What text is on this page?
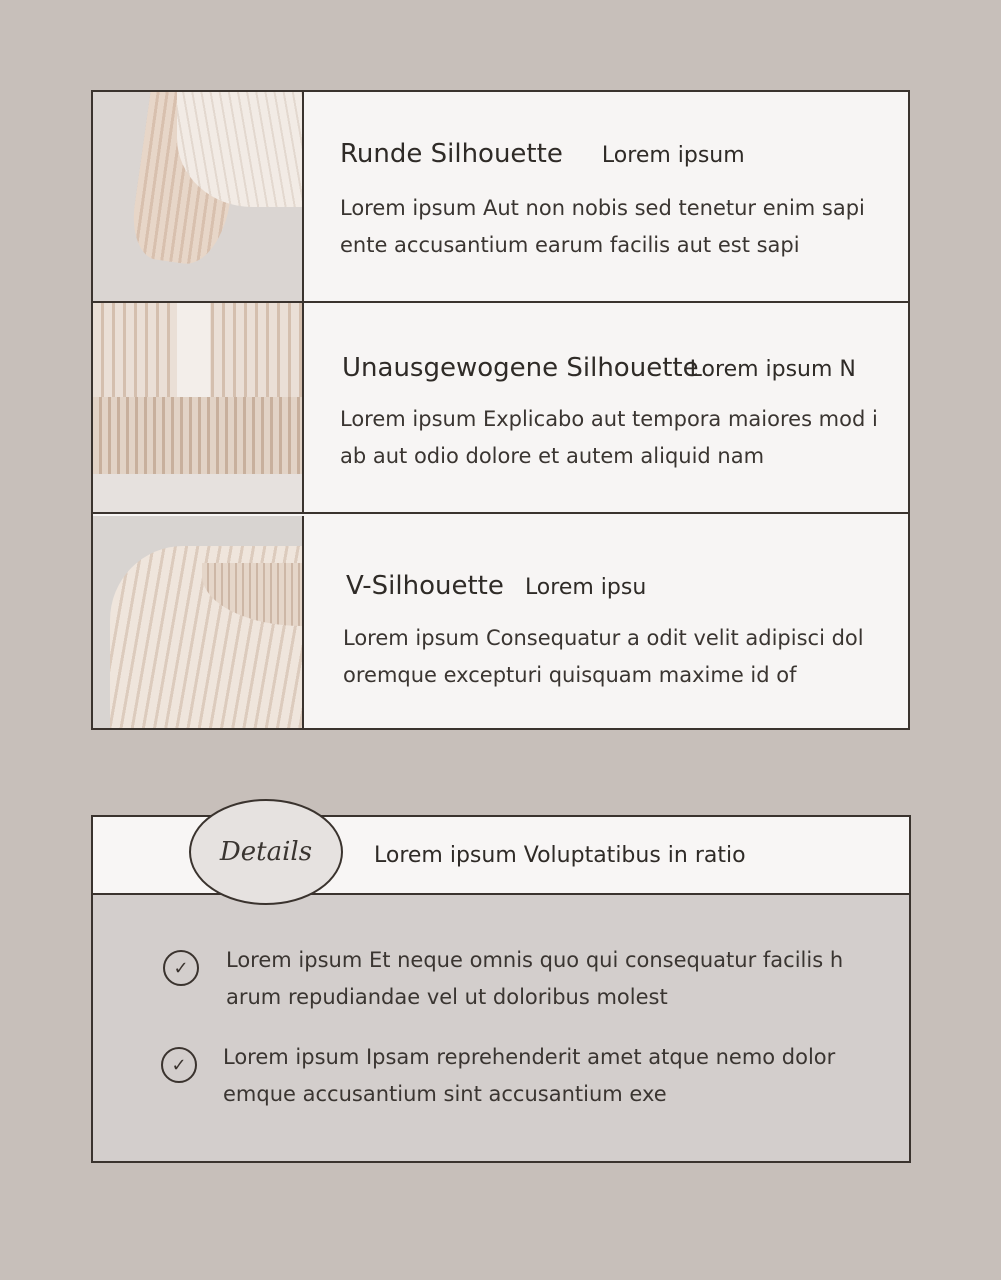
Runde Silhouette Lorem ipsum
Lorem ipsum Aut non nobis sed tenetur enim sapi ente accusantium earum facilis aut est sapi
Unausgewogene Silhouette Lorem ipsum N
Lorem ipsum Explicabo aut tempora maiores mod i ab aut odio dolore et autem aliquid nam
V-Silhouette Lorem ipsu
Lorem ipsum Consequatur a odit velit adipisci dol oremque excepturi quisquam maxime id of
Lorem ipsum Voluptatibus in ratio
✓	Lorem ipsum Et neque omnis quo qui consequatur facilis h arum repudiandae vel ut doloribus molest
✓	Lorem ipsum Ipsam reprehenderit amet atque nemo dolor emque accusantium sint accusantium exe
Details
